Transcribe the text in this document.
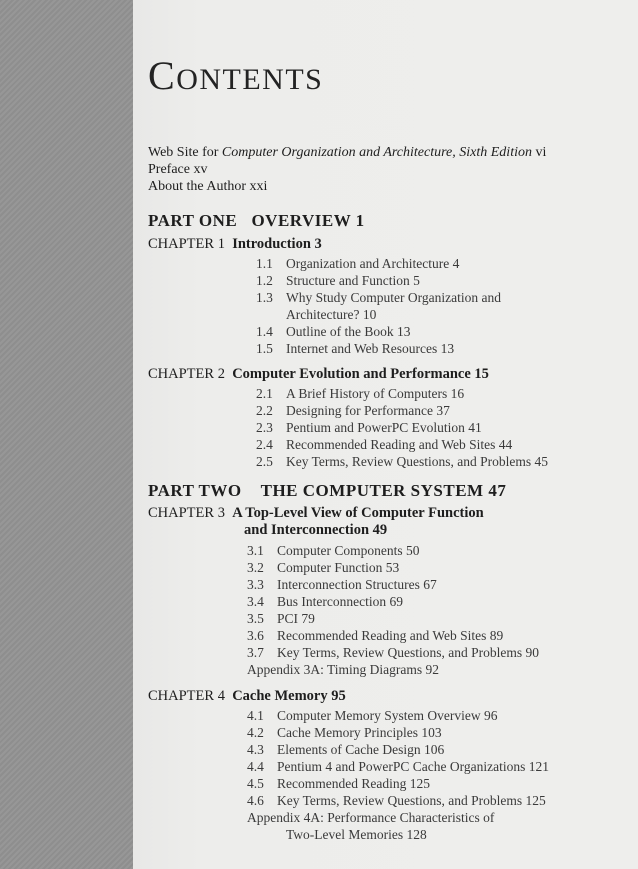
CONTENTS
Web Site for Computer Organization and Architecture, Sixth Edition vi
Preface xv
About the Author xxi
PART ONE OVERVIEW 1
CHAPTER 1 Introduction 3
1.1 Organization and Architecture 4
1.2 Structure and Function 5
1.3 Why Study Computer Organization and
Architecture? 10
1.4 Outline of the Book 13
1.5 Internet and Web Resources 13
CHAPTER 2 Computer Evolution and Performance 15
2.1 A Brief History of Computers 16
2.2 Designing for Performance 37
2.3 Pentium and PowerPC Evolution 41
2.4 Recommended Reading and Web Sites 44
2.5 Key Terms, Review Questions, and Problems 45
PART TWO THE COMPUTER SYSTEM 47
CHAPTER 3 A Top-Level View of Computer Function
and Interconnection 49
3.1 Computer Components 50
3.2 Computer Function 53
3.3 Interconnection Structures 67
3.4 Bus Interconnection 69
3.5 PCI 79
3.6 Recommended Reading and Web Sites 89
3.7 Key Terms, Review Questions, and Problems 90
Appendix 3A: Timing Diagrams 92
CHAPTER 4 Cache Memory 95
4.1 Computer Memory System Overview 96
4.2 Cache Memory Principles 103
4.3 Elements of Cache Design 106
4.4 Pentium 4 and PowerPC Cache Organizations 121
4.5 Recommended Reading 125
4.6 Key Terms, Review Questions, and Problems 125
Appendix 4A: Performance Characteristics of
Two-Level Memories 128
